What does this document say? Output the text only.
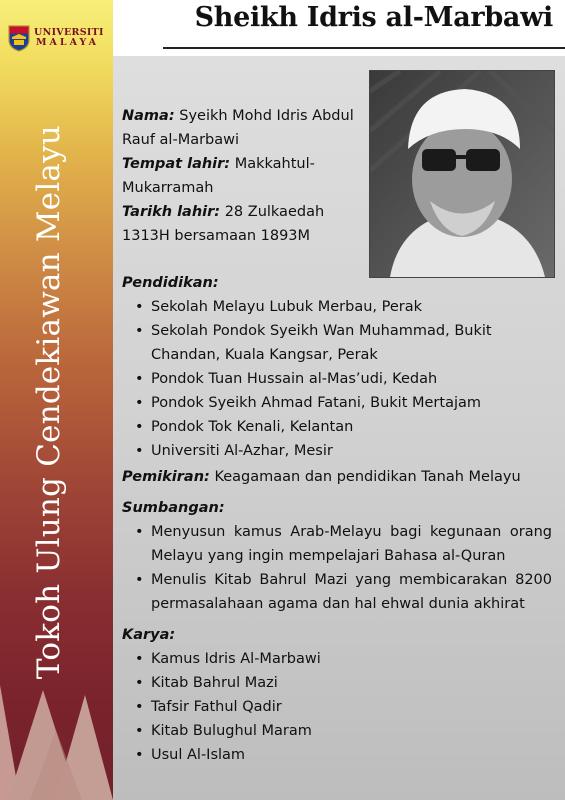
UNIVERSITI
MALAYA
Tokoh Ulung Cendekiawan Melayu
Sheikh Idris al-Marbawi
Nama: Syeikh Mohd Idris Abdul Rauf al-Marbawi
Tempat lahir: Makkahtul-Mukarramah
Tarikh lahir: 28 Zulkaedah 1313H bersamaan 1893M
Pendidikan:
• Sekolah Melayu Lubuk Merbau, Perak
• Sekolah Pondok Syeikh Wan Muhammad, Bukit Chandan, Kuala Kangsar, Perak
• Pondok Tuan Hussain al-Mas’udi, Kedah
• Pondok Syeikh Ahmad Fatani, Bukit Mertajam
• Pondok Tok Kenali, Kelantan
• Universiti Al-Azhar, Mesir
Pemikiran: Keagamaan dan pendidikan Tanah Melayu
Sumbangan:
• Menyusun kamus Arab-Melayu bagi kegunaan orang Melayu yang ingin mempelajari Bahasa al-Quran
• Menulis Kitab Bahrul Mazi yang membicarakan 8200 permasalahaan agama dan hal ehwal dunia akhirat
Karya:
• Kamus Idris Al-Marbawi
• Kitab Bahrul Mazi
• Tafsir Fathul Qadir
• Kitab Bulughul Maram
• Usul Al-Islam
